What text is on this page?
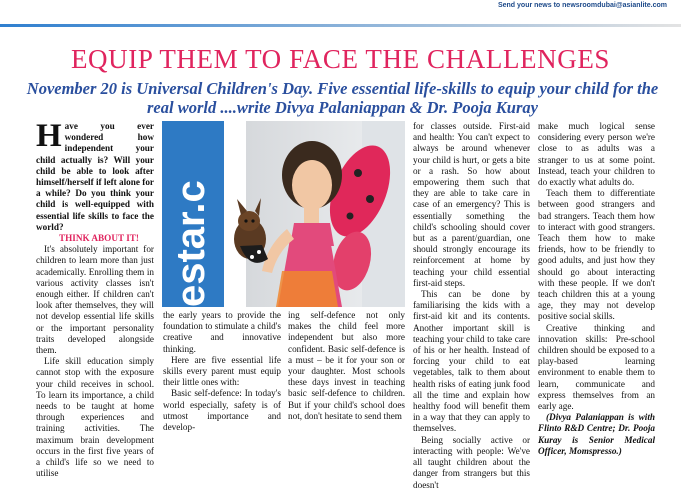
Send your news to newsroomdubai@asianlite.com
EQUIP THEM TO FACE THE CHALLENGES
November 20 is Universal Children's Day. Five essential life-skills to equip your child for the real world ....write Divya Palaniappan & Dr. Pooja Kuray
estar.c

Have you ever wondered how independent your child actually is? Will your child be able to look after himself/herself if left alone for a while? Do you think your child is well-equipped with essential life skills to face the world?

THINK ABOUT IT!

It's absolutely important for children to learn more than just academically. Enrolling them in various activity classes isn't enough either. If children can't look after themselves, they will not develop essential life skills or the important personality traits developed alongside them.

Life skill education simply cannot stop with the exposure your child receives in school. To learn its importance, a child needs to be taught at home through experiences and training activities. The maximum brain development occurs in the first five years of a child's life so we need to utilise

the early years to provide the foundation to stimulate a child's creative and innovative thinking.

Here are five essential life skills every parent must equip their little ones with:

Basic self-defence: In today's world especially, safety is of utmost importance and develop-

ing self-defence not only makes the child feel more independent but also more confident. Basic self-defence is a must – be it for your son or your daughter. Most schools these days invest in teaching basic self-defence to children. But if your child's school does not, don't hesitate to send them

for classes outside. First-aid and health: You can't expect to always be around whenever your child is hurt, or gets a bite or a rash. So how about empowering them such that they are able to take care in case of an emergency? This is essentially something the child's schooling should cover but as a parent/guardian, one should strongly encourage its reinforcement at home by teaching your child essential first-aid steps.

This can be done by familiarising the kids with a first-aid kit and its contents. Another important skill is teaching your child to take care of his or her health. Instead of forcing your child to eat vegetables, talk to them about health risks of eating junk food all the time and explain how healthy food will benefit them in a way that they can apply to themselves.

Being socially active or interacting with people: We've all taught children about the danger from strangers but this doesn't

make much logical sense considering every person we're close to as adults was a stranger to us at some point. Instead, teach your children to do exactly what adults do.

Teach them to differentiate between good strangers and bad strangers. Teach them how to interact with good strangers. Teach them how to make friends, how to be friendly to good adults, and just how they should go about interacting with these people. If we don't teach children this at a young age, they may not develop positive social skills.

Creative thinking and innovation skills: Pre-school children should be exposed to a play-based learning environment to enable them to learn, communicate and express themselves from an early age.

(Divya Palaniappan is with Flinto R&D Centre; Dr. Pooja Kuray is Senior Medical Officer, Momspresso.)
